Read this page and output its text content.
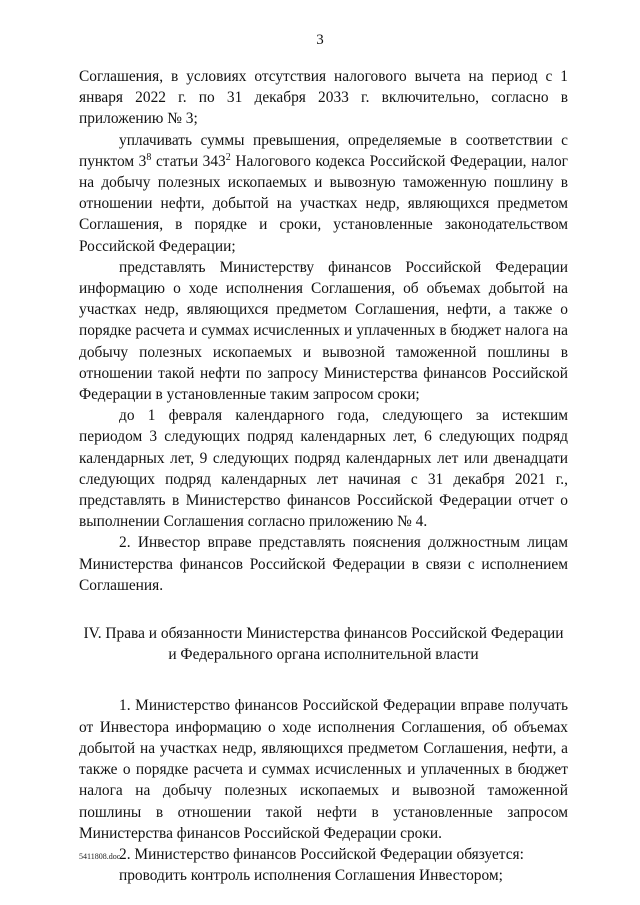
3

Соглашения, в условиях отсутствия налогового вычета на период с 1 января 2022 г. по 31 декабря 2033 г. включительно, согласно в приложению № 3;

уплачивать суммы превышения, определяемые в соответствии с пунктом $3^8$ статьи $343^2$ Налогового кодекса Российской Федерации, налог на добычу полезных ископаемых и вывозную таможенную пошлину в отношении нефти, добытой на участках недр, являющихся предметом Соглашения, в порядке и сроки, установленные законодательством Российской Федерации;

представлять Министерству финансов Российской Федерации информацию о ходе исполнения Соглашения, об объемах добытой на участках недр, являющихся предметом Соглашения, нефти, а также о порядке расчета и суммах исчисленных и уплаченных в бюджет налога на добычу полезных ископаемых и вывозной таможенной пошлины в отношении такой нефти по запросу Министерства финансов Российской Федерации в установленные таким запросом сроки;

до 1 февраля календарного года, следующего за истекшим периодом 3 следующих подряд календарных лет, 6 следующих подряд календарных лет, 9 следующих подряд календарных лет или двенадцати следующих подряд календарных лет начиная с 31 декабря 2021 г., представлять в Министерство финансов Российской Федерации отчет о выполнении Соглашения согласно приложению № 4.

2. Инвестор вправе представлять пояснения должностным лицам Министерства финансов Российской Федерации в связи с исполнением Соглашения.

IV. Права и обязанности Министерства финансов Российской Федерации
и Федерального органа исполнительной власти

1. Министерство финансов Российской Федерации вправе получать от Инвестора информацию о ходе исполнения Соглашения, об объемах добытой на участках недр, являющихся предметом Соглашения, нефти, а также о порядке расчета и суммах исчисленных и уплаченных в бюджет налога на добычу полезных ископаемых и вывозной таможенной пошлины в отношении такой нефти в установленные запросом Министерства финансов Российской Федерации сроки.

2. Министерство финансов Российской Федерации обязуется:

проводить контроль исполнения Соглашения Инвестором;

5411808.doc
